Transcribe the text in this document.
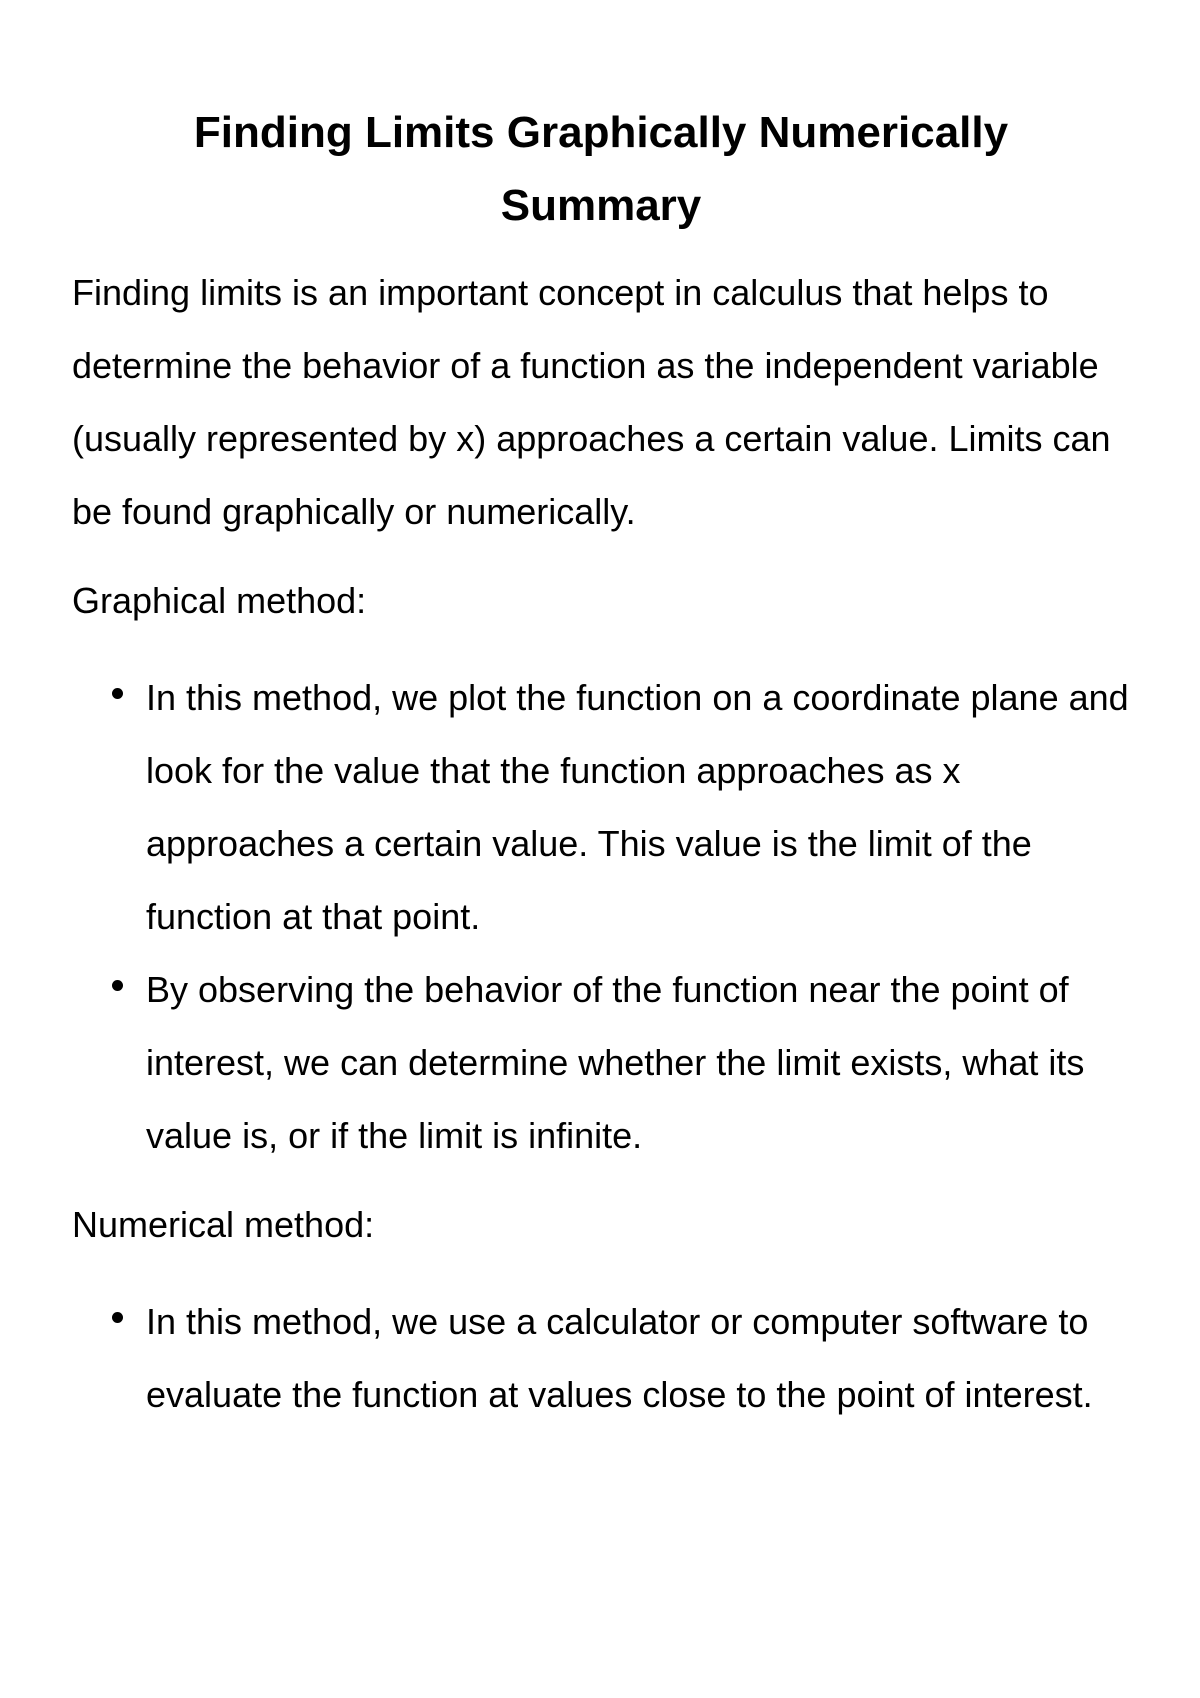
Finding Limits Graphically Numerically Summary

Finding limits is an important concept in calculus that helps to determine the behavior of a function as the independent variable (usually represented by x) approaches a certain value. Limits can be found graphically or numerically.

Graphical method:

In this method, we plot the function on a coordinate plane and look for the value that the function approaches as x approaches a certain value. This value is the limit of the function at that point.
By observing the behavior of the function near the point of interest, we can determine whether the limit exists, what its value is, or if the limit is infinite.

Numerical method:

In this method, we use a calculator or computer software to evaluate the function at values close to the point of interest.
